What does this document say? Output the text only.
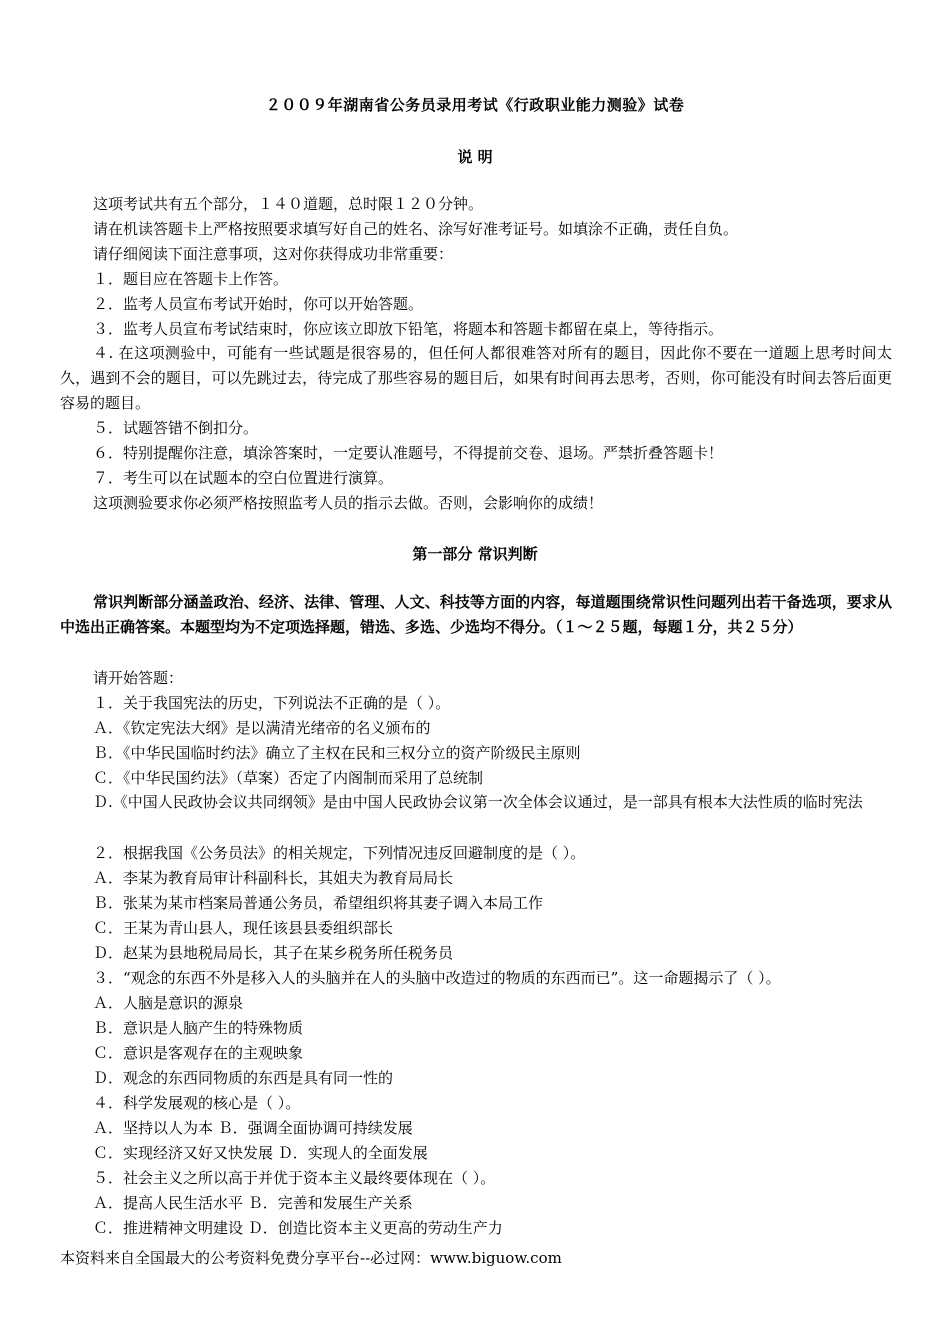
２００９年湖南省公务员录用考试《行政职业能力测验》试卷
说 明
这项考试共有五个部分，１４０道题，总时限１２０分钟。
请在机读答题卡上严格按照要求填写好自己的姓名、涂写好准考证号。如填涂不正确，责任自负。
请仔细阅读下面注意事项，这对你获得成功非常重要：
１．题目应在答题卡上作答。
２．监考人员宣布考试开始时，你可以开始答题。
３．监考人员宣布考试结束时，你应该立即放下铅笔，将题本和答题卡都留在桌上，等待指示。
４. 在这项测验中，可能有一些试题是很容易的，但任何人都很难答对所有的题目，因此你不要在一道题上思考时间太久，遇到不会的题目，可以先跳过去，待完成了那些容易的题目后，如果有时间再去思考，否则，你可能没有时间去答后面更容易的题目。
５．试题答错不倒扣分。
６．特别提醒你注意，填涂答案时，一定要认准题号，不得提前交卷、退场。严禁折叠答题卡！
７．考生可以在试题本的空白位置进行演算。
这项测验要求你必须严格按照监考人员的指示去做。否则，会影响你的成绩！
第一部分 常识判断
常识判断部分涵盖政治、经济、法律、管理、人文、科技等方面的内容，每道题围绕常识性问题列出若干备选项，要求从中选出正确答案。本题型均为不定项选择题，错选、多选、少选均不得分。（１～２５题，每题１分，共２５分）
请开始答题：
１．关于我国宪法的历史，下列说法不正确的是（ ）。
Ａ．《钦定宪法大纲》是以满清光绪帝的名义颁布的
Ｂ．《中华民国临时约法》确立了主权在民和三权分立的资产阶级民主原则
Ｃ．《中华民国约法》（草案）否定了内阁制而采用了总统制
Ｄ.《中国人民政协会议共同纲领》是由中国人民政协会议第一次全体会议通过，是一部具有根本大法性质的临时宪法
２．根据我国《公务员法》的相关规定，下列情况违反回避制度的是（ ）。
Ａ．李某为教育局审计科副科长，其姐夫为教育局局长
Ｂ．张某为某市档案局普通公务员，希望组织将其妻子调入本局工作
Ｃ．王某为青山县人，现任该县县委组织部长
Ｄ．赵某为县地税局局长，其子在某乡税务所任税务员
３．“观念的东西不外是移入人的头脑并在人的头脑中改造过的物质的东西而已”。这一命题揭示了（ ）。
Ａ．人脑是意识的源泉
Ｂ．意识是人脑产生的特殊物质
Ｃ．意识是客观存在的主观映象
Ｄ．观念的东西同物质的东西是具有同一性的
４．科学发展观的核心是（ ）。
Ａ．坚持以人为本 Ｂ．强调全面协调可持续发展
Ｃ．实现经济又好又快发展 Ｄ．实现人的全面发展
５．社会主义之所以高于并优于资本主义最终要体现在（ ）。
Ａ．提高人民生活水平 Ｂ．完善和发展生产关系
Ｃ．推进精神文明建设 Ｄ．创造比资本主义更高的劳动生产力
本资料来自全国最大的公考资料免费分享平台--必过网：www.biguow.com
